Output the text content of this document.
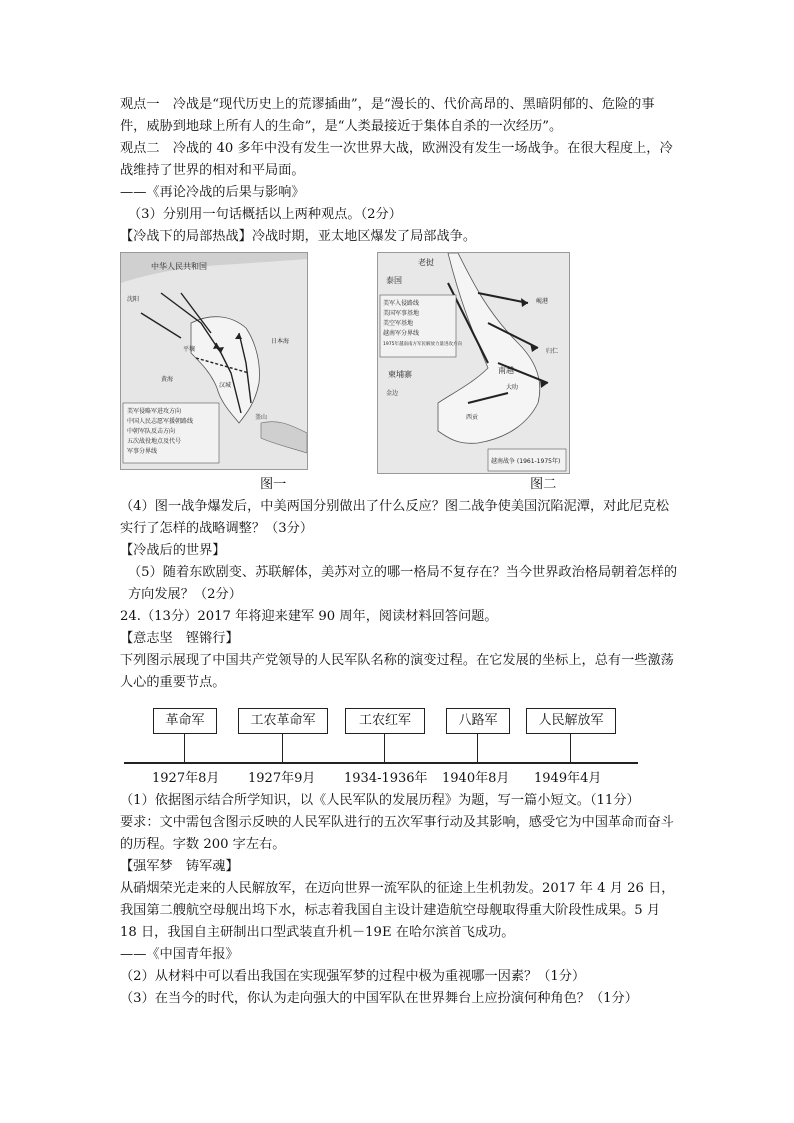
观点一　冷战是“现代历史上的荒谬插曲”，是“漫长的、代价高昂的、黑暗阴郁的、危险的事件，威胁到地球上所有人的生命”，是“人类最接近于集体自杀的一次经历”。

观点二　冷战的 40 多年中没有发生一次世界大战，欧洲没有发生一场战争。在很大程度上，冷战维持了世界的相对和平局面。

——《再论冷战的后果与影响》

（3）分别用一句话概括以上两种观点。（2分）

【冷战下的局部热战】冷战时期，亚太地区爆发了局部战争。

中华人民共和国
沈阳
平壤
汉城
釜山
黄海
日本海
美军侵略军进攻方向
中国人民志愿军援朝路线
中朝军队反击方向
五次战役地点及代号
军事分界线
老挝
泰国
柬埔寨
金边
西贡
岘港
归仁
大叻
南越
美军入侵路线
美国军事基地
美空军基地
越南军分界线
1975年越南南方军民解放力量进攻方向
越南战争 (1961-1975年)
图一	图二

（4）图一战争爆发后，中美两国分别做出了什么反应？图二战争使美国沉陷泥潭，对此尼克松实行了怎样的战略调整？（3分）

【冷战后的世界】

（5）随着东欧剧变、苏联解体，美苏对立的哪一格局不复存在？当今世界政治格局朝着怎样的方向发展？（2分）

24.（13分）2017 年将迎来建军 90 周年，阅读材料回答问题。

【意志坚　铿锵行】

下列图示展现了中国共产党领导的人民军队名称的演变过程。在它发展的坐标上，总有一些激荡人心的重要节点。

革命军	工农革命军	工农红军	八路军	人民解放军
1927年8月 1927年9月 1934-1936年 1940年8月 1949年4月

（1）依据图示结合所学知识，以《人民军队的发展历程》为题，写一篇小短文。（11分）

要求：文中需包含图示反映的人民军队进行的五次军事行动及其影响，感受它为中国革命而奋斗的历程。字数 200 字左右。

【强军梦　铸军魂】

从硝烟荣光走来的人民解放军，在迈向世界一流军队的征途上生机勃发。2017 年 4 月 26 日，我国第二艘航空母舰出坞下水，标志着我国自主设计建造航空母舰取得重大阶段性成果。5 月 18 日，我国自主研制出口型武装直升机－19E 在哈尔滨首飞成功。

——《中国青年报》

（2）从材料中可以看出我国在实现强军梦的过程中极为重视哪一因素？（1分）

（3）在当今的时代，你认为走向强大的中国军队在世界舞台上应扮演何种角色？（1分）
